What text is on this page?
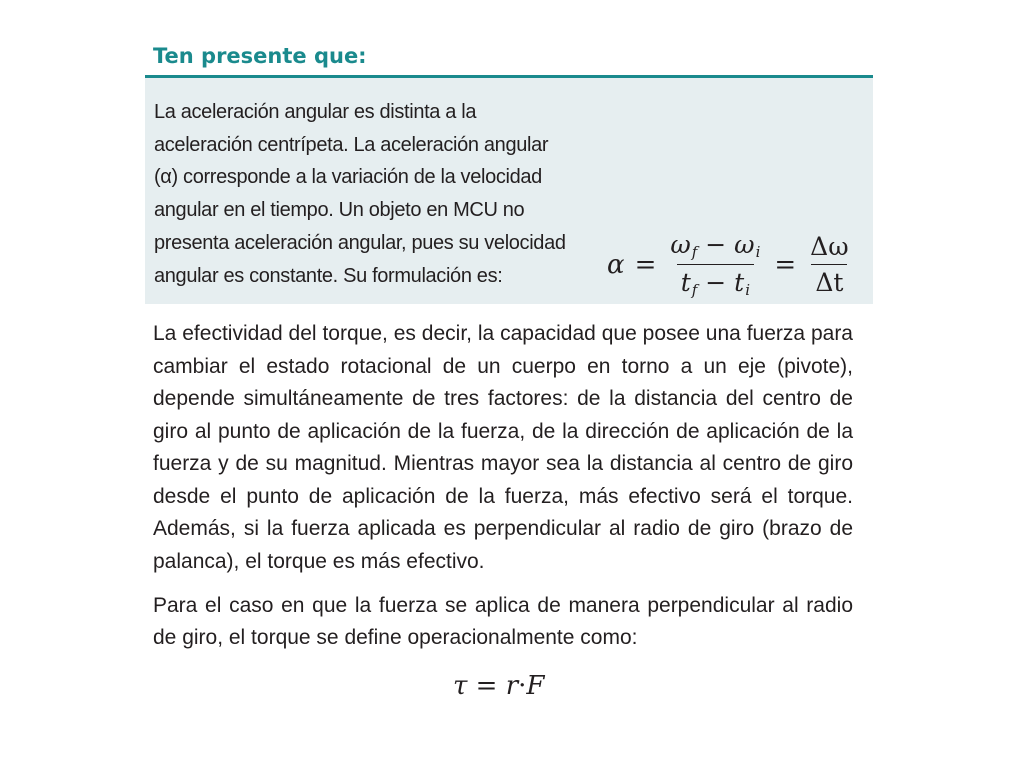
Ten presente que:

La aceleración angular es distinta a la
aceleración centrípeta. La aceleración angular
(α) corresponde a la variación de la velocidad
angular en el tiempo. Un objeto en MCU no
presenta aceleración angular, pues su velocidad
angular es constante. Su formulación es:	$\alpha = \frac{\omega_f - \omega_i}{t_f - t_i} = \frac{\Delta\omega}{\Delta t}$

La efectividad del torque, es decir, la capacidad que posee una fuerza para cambiar el estado rotacional de un cuerpo en torno a un eje (pivote), depende simultáneamente de tres factores: de la distancia del centro de giro al punto de aplicación de la fuerza, de la dirección de aplicación de la fuerza y de su magnitud. Mientras mayor sea la distancia al centro de giro desde el punto de aplicación de la fuerza, más efectivo será el torque. Además, si la fuerza aplicada es perpendicular al radio de giro (brazo de palanca), el torque es más efectivo.

Para el caso en que la fuerza se aplica de manera perpendicular al radio de giro, el torque se define operacionalmente como:

τ = r·F
